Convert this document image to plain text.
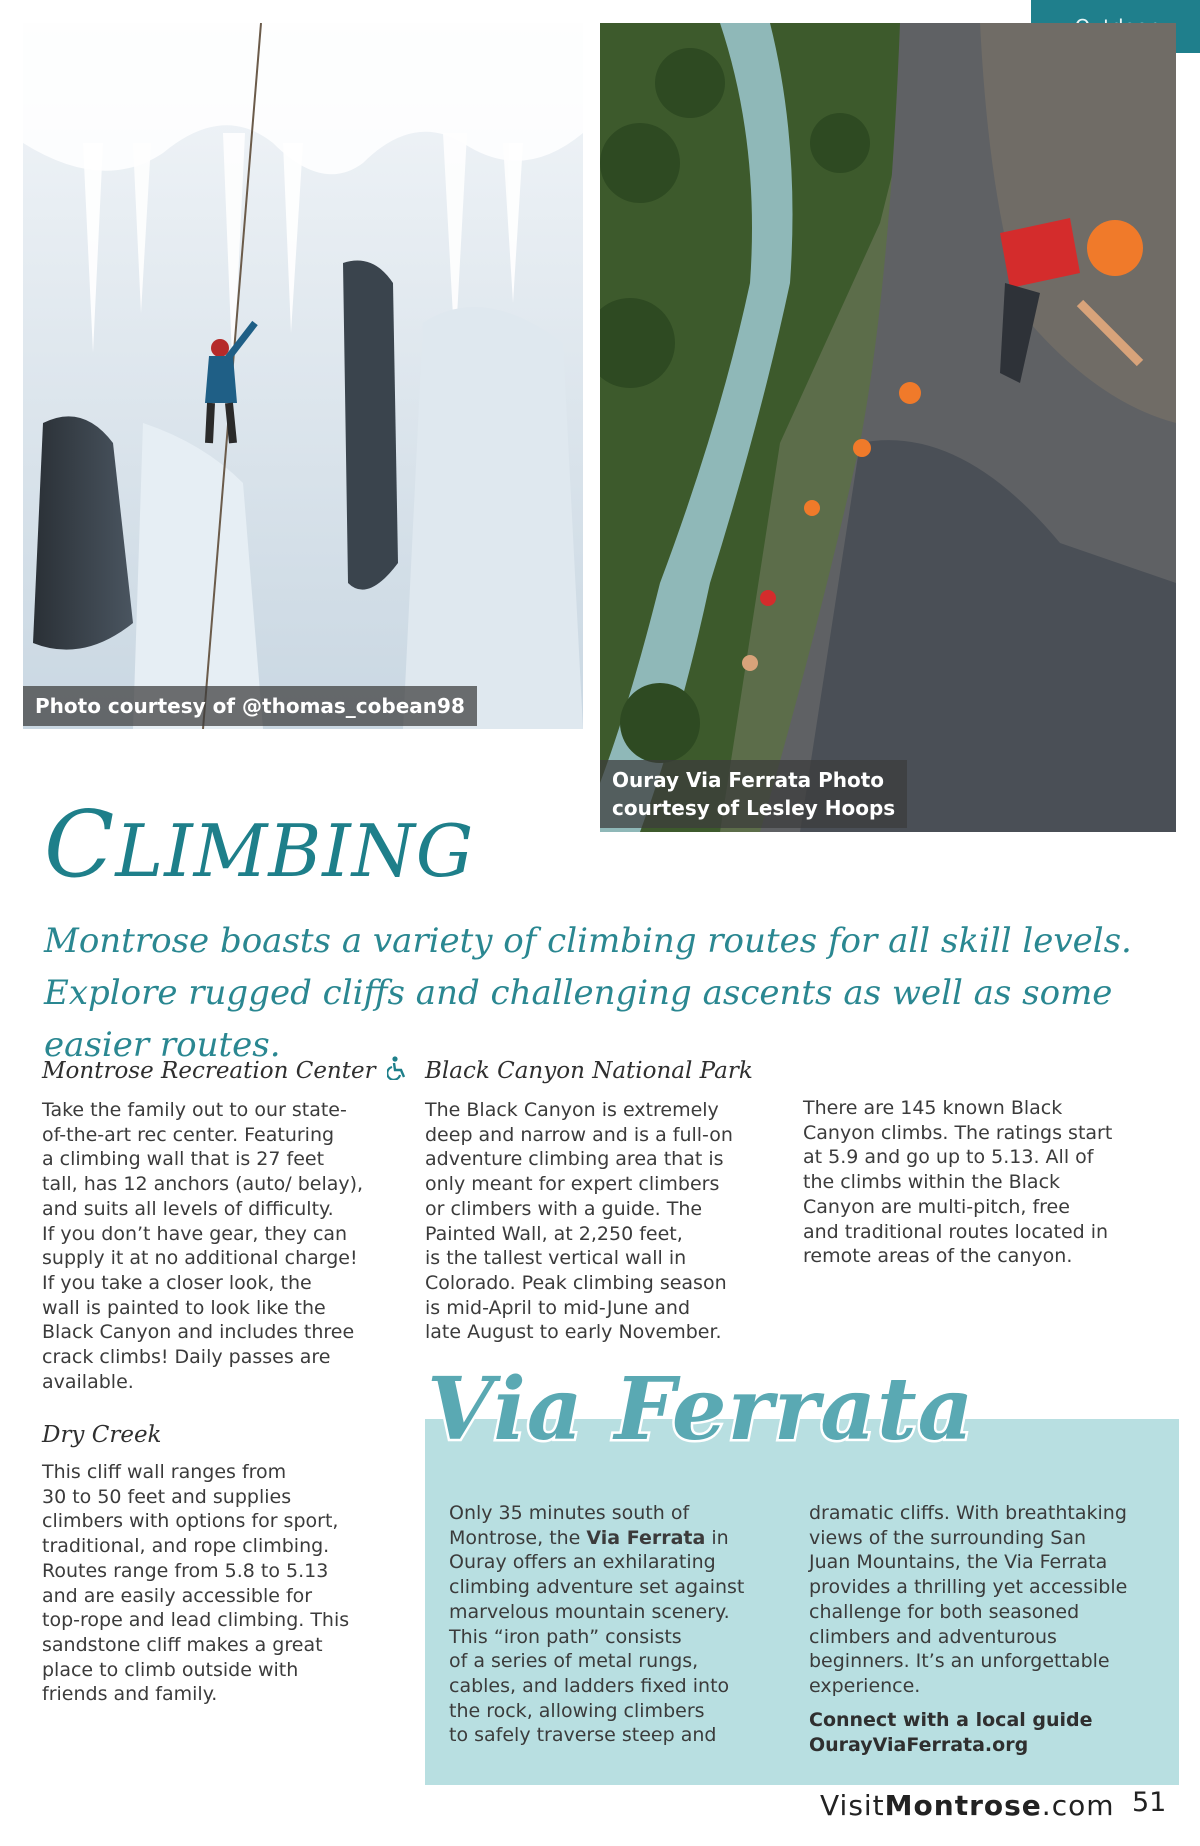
Photo courtesy of @thomas_cobean98
Ouray Via Ferrata Photo
courtesy of Lesley Hoops
CLIMBING

Montrose boasts a variety of climbing routes for all skill levels. Explore rugged cliffs and challenging ascents as well as some easier routes.

Montrose Recreation Center

Take the family out to our state-
of-the-art rec center. Featuring
a climbing wall that is 27 feet
tall, has 12 anchors (auto/ belay),
and suits all levels of difficulty.
If you don’t have gear, they can
supply it at no additional charge!
If you take a closer look, the
wall is painted to look like the
Black Canyon and includes three
crack climbs! Daily passes are
available.

Dry Creek

This cliff wall ranges from
30 to 50 feet and supplies
climbers with options for sport,
traditional, and rope climbing.
Routes range from 5.8 to 5.13
and are easily accessible for
top-rope and lead climbing. This
sandstone cliff makes a great
place to climb outside with
friends and family.

Black Canyon National Park

The Black Canyon is extremely
deep and narrow and is a full-on
adventure climbing area that is
only meant for expert climbers
or climbers with a guide. The
Painted Wall, at 2,250 feet,
is the tallest vertical wall in
Colorado. Peak climbing season
is mid-April to mid-June and
late August to early November.

There are 145 known Black
Canyon climbs. The ratings start
at 5.9 and go up to 5.13. All of
the climbs within the Black
Canyon are multi-pitch, free
and traditional routes located in
remote areas of the canyon.

Via Ferrata

Only 35 minutes south of
Montrose, the Via Ferrata in
Ouray offers an exhilarating
climbing adventure set against
marvelous mountain scenery.
This “iron path” consists
of a series of metal rungs,
cables, and ladders fixed into
the rock, allowing climbers
to safely traverse steep and

dramatic cliffs. With breathtaking
views of the surrounding San
Juan Mountains, the Via Ferrata
provides a thrilling yet accessible
challenge for both seasoned
climbers and adventurous
beginners. It’s an unforgettable
experience.

Connect with a local guide
OurayViaFerrata.org
VisitMontrose.com 51
